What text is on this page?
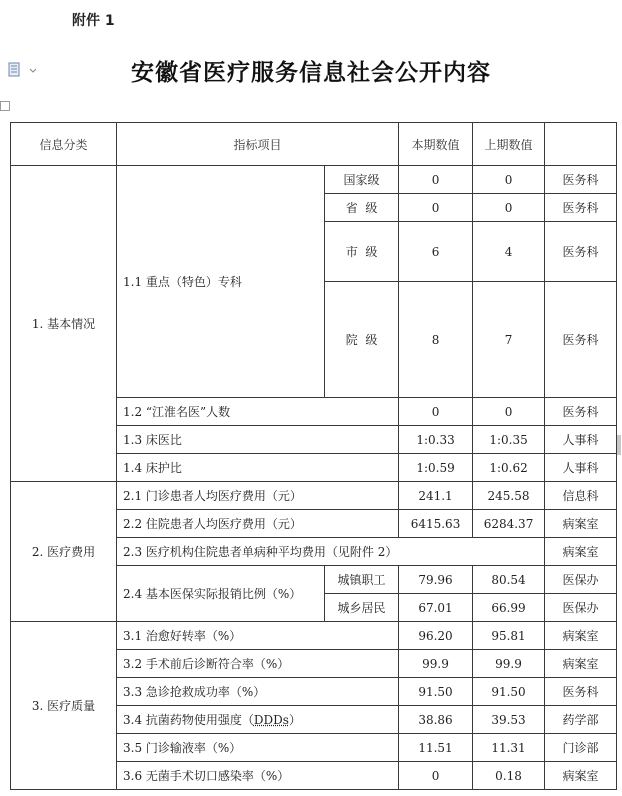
附件 1
安徽省医疗服务信息社会公开内容
信息分类	指标项目		本期数值	上期数值	
1. 基本情况	1.1 重点（特色）专科	国家级	0	0	医务科
		省  级	0	0	医务科
		市  级	6	4	医务科
		院  级	8	7	医务科
	1.2 “江淮名医”人数		0	0	医务科
	1.3 床医比		1:0.33	1:0.35	人事科
	1.4 床护比		1:0.59	1:0.62	人事科
2. 医疗费用	2.1 门诊患者人均医疗费用（元）		241.1	245.58	信息科
	2.2 住院患者人均医疗费用（元）		6415.63	6284.37	病案室
	2.3 医疗机构住院患者单病种平均费用（见附件 2）				病案室
	2.4 基本医保实际报销比例（%）	城镇职工	79.96	80.54	医保办
		城乡居民	67.01	66.99	医保办
3. 医疗质量	3.1 治愈好转率（%）		96.20	95.81	病案室
	3.2 手术前后诊断符合率（%）		99.9	99.9	病案室
	3.3 急诊抢救成功率（%）		91.50	91.50	医务科
	3.4 抗菌药物使用强度（DDDs）		38.86	39.53	药学部
	3.5 门诊输液率（%）		11.51	11.31	门诊部
	3.6 无菌手术切口感染率（%）		0	0.18	病案室
